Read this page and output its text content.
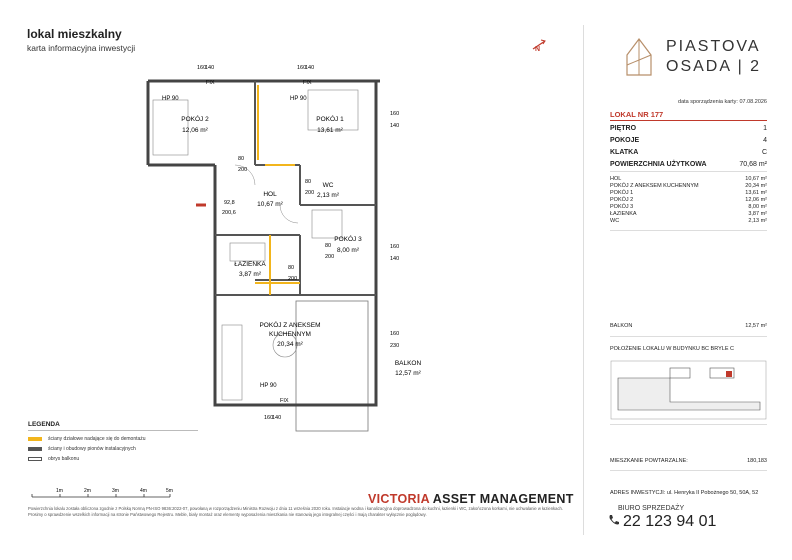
lokal mieszkalny
karta informacyjna inwestycji	N
POKÓJ 2
12,06 m²
POKÓJ 1
13,61 m²
HOL
10,67 m²
WC
2,13 m²
POKÓJ 3
8,00 m²
ŁAZIENKA
3,87 m²
POKÓJ Z ANEKSEM
KUCHENNYM
20,34 m²
BALKON
12,57 m²
HP 90	HP 90
HP 90
160
140	160
140
160
140
160
140
160
230
160
140
80
200
80
200
80
200
80
200
92,8
200,6
FIX	FIX
FIX
PIASTOVA
OSADA | 2
data sporządzenia karty: 07.08.2026
LOKAL NR 177
PIĘTRO	1
POKOJE	4
KLATKA	C
POWIERZCHNIA UŻYTKOWA	70,68 m²
HOL	10,67 m²
POKÓJ Z ANEKSEM KUCHENNYM	20,34 m²
POKÓJ 1	13,61 m²
POKÓJ 2	12,06 m²
POKÓJ 3	8,00 m²
ŁAZIENKA	3,87 m²
WC	2,13 m²
BALKON	12,57 m²
POŁOŻENIE LOKALU W BUDYNKU BC BRYLE C
MIESZKANIE POWTARZALNE:	180,183
ADRES INWESTYCJI: ul. Henryka II Pobożnego 50, 50A, 52
BIURO SPRZEDAŻY
22 123 94 01
LEGENDA
ściany działowe nadające się do demontażu
ściany i obudowy pionów instalacyjnych
obrys balkonu
1m	2m	3m	4m	5m
VICTORIA ASSET MANAGEMENT
Powierzchnia lokalu została obliczona zgodnie z Polską Normą PN-ISO 9836:2022-07, powołaną w rozporządzeniu Ministra Rozwoju z dnia 11 września 2020 roku. Instalacje wodna i kanalizacyjna doprowadzona do kuchni, łazienki i WC, zakończona korkami, nie uchwalanie w łazienkach. Prosimy o sprawdzenie wszelkich informacji na stronie Państwowego Rejestru. Meble, biały montaż oraz elementy wyposażenia mieszkania nie stanowią jego integralnej części i mają charakter wyłącznie poglądowy.
